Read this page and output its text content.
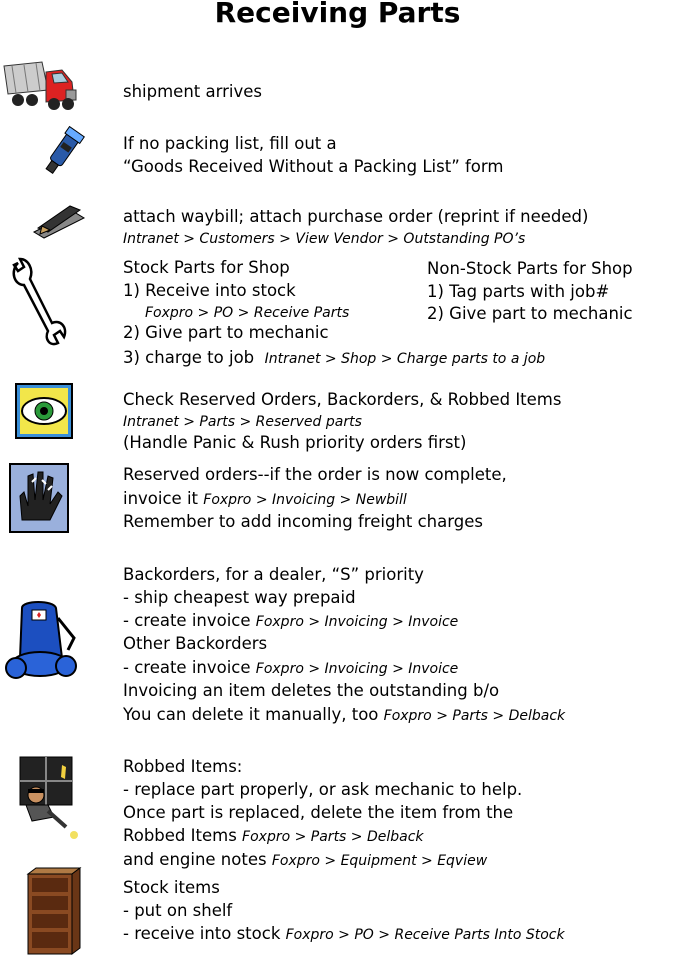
Receiving Parts
shipment arrives
If no packing list, fill out a
“Goods Received Without a Packing List” form
attach waybill; attach purchase order (reprint if needed)
Intranet > Customers > View Vendor > Outstanding PO’s
Stock Parts for Shop
1) Receive into stock
Foxpro > PO > Receive Parts
2) Give part to mechanic
3) charge to job Intranet > Shop > Charge parts to a job
Non-Stock Parts for Shop
1) Tag parts with job#
2) Give part to mechanic
Check Reserved Orders, Backorders, & Robbed Items
Intranet > Parts > Reserved parts
(Handle Panic & Rush priority orders first)
Reserved orders--if the order is now complete,
invoice it Foxpro > Invoicing > Newbill
Remember to add incoming freight charges
Backorders, for a dealer, “S” priority
- ship cheapest way prepaid
- create invoice Foxpro > Invoicing > Invoice
Other Backorders
- create invoice Foxpro > Invoicing > Invoice
Invoicing an item deletes the outstanding b/o
You can delete it manually, too Foxpro > Parts > Delback
Robbed Items:
- replace part properly, or ask mechanic to help.
Once part is replaced, delete the item from the
Robbed Items Foxpro > Parts > Delback
and engine notes Foxpro > Equipment > Eqview
Stock items
- put on shelf
- receive into stock Foxpro > PO > Receive Parts Into Stock
